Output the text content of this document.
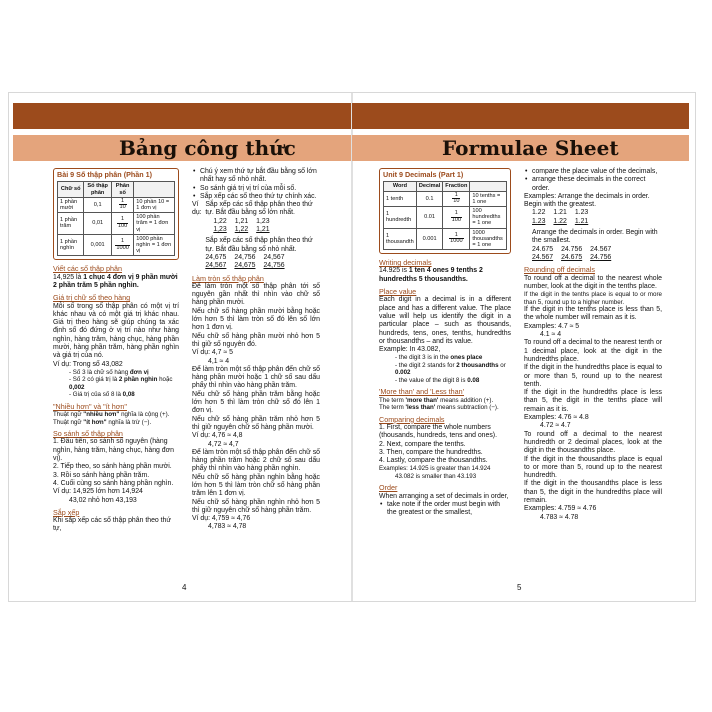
Bảng công thức
Bài 9 Số thập phân (Phần 1)
Chữ số	Số thập phân	Phân số	
1 phần mười	0,1	$\frac{1}{10}$	10 phần 10 = 1 đơn vị
1 phần trăm	0,01	$\frac{1}{100}$	100 phần trăm = 1 đơn vị
1 phần nghìn	0,001	$\frac{1}{1000}$	1000 phần nghìn = 1 đơn vị
Viết các số thập phân

14,925 là 1 chục 4 đơn vị 9 phần mười 2 phần trăm 5 phần nghìn.

Giá trị chữ số theo hàng

Mỗi số trong số thập phân có một vị trí khác nhau và có một giá trị khác nhau. Giá trị theo hàng sẽ giúp chúng ta xác định số đó đứng ở vị trí nào như hàng nghìn, hàng trăm, hàng chục, hàng phần mười, hàng phần trăm, hàng phần nghìn và giá trị của nó.

Ví dụ: Trong số 43,082

- Số 3 là chữ số hàng đơn vị

- Số 2 có giá trị là 2 phần nghìn hoặc 0,002

- Giá trị của số 8 là 0,08

"Nhiều hơn" và "ít hơn"

Thuật ngữ "nhiều hơn" nghĩa là cộng (+).

Thuật ngữ "ít hơn" nghĩa là trừ (−).

So sánh số thập phân

1. Đầu tiên, so sánh số nguyên (hàng nghìn, hàng trăm, hàng chục, hàng đơn vị).

2. Tiếp theo, so sánh hàng phần mười.

3. Rồi so sánh hàng phần trăm.

4. Cuối cùng so sánh hàng phần nghìn.

Ví dụ: 14,925 lớn hơn 14,924

43,02 nhỏ hơn 43,193

Sắp xếp

Khi sắp xếp các số thập phân theo thứ tự,

• Chú ý xem thứ tự bắt đầu bằng số lớn nhất hay số nhỏ nhất.
• So sánh giá trị vị trí của mỗi số.
• Sắp xếp các số theo thứ tự chính xác.
Ví dụ:

Sắp xếp các số thập phân theo thứ tự. Bắt đầu bằng số lớn nhất.

1,22 1,21 1,23
1,23 1,22 1,21

Sắp xếp các số thập phân theo thứ tự. Bắt đầu bằng số nhỏ nhất.

24,675 24,756 24,567
24,567 24,675 24,756
Làm tròn số thập phân

Để làm tròn một số thập phân tới số nguyên gần nhất thì nhìn vào chữ số hàng phần mười.

Nếu chữ số hàng phần mười bằng hoặc lớn hơn 5 thì làm tròn số đó lên số lớn hơn 1 đơn vị.

Nếu chữ số hàng phần mười nhỏ hơn 5 thì giữ số nguyên đó.

Ví dụ: 4,7 ≈ 5

4,1 ≈ 4

Để làm tròn một số thập phân đến chữ số hàng phần mười hoặc 1 chữ số sau dấu phẩy thì nhìn vào hàng phần trăm.

Nếu chữ số hàng phần trăm bằng hoặc lớn hơn 5 thì làm tròn chữ số đó lên 1 đơn vị.

Nếu chữ số hàng phần trăm nhỏ hơn 5 thì giữ nguyên chữ số hàng phần mười.

Ví dụ: 4,76 ≈ 4,8

4,72 ≈ 4,7

Để làm tròn một số thập phân đến chữ số hàng phần trăm hoặc 2 chữ số sau dấu phẩy thì nhìn vào hàng phần nghìn.

Nếu chữ số hàng phần nghìn bằng hoặc lớn hơn 5 thì làm tròn chữ số hàng phần trăm lên 1 đơn vị.

Nếu chữ số hàng phần nghìn nhỏ hơn 5 thì giữ nguyên chữ số hàng phần trăm.

Ví dụ: 4,759 ≈ 4,76

4,783 ≈ 4,78

4
Formulae Sheet
Unit 9 Decimals (Part 1)
Word	Decimal	Fraction	
1 tenth	0.1	$\frac{1}{10}$	10 tenths = 1 one
1 hundredth	0.01	$\frac{1}{100}$	100 hundredths = 1 one
1 thousandth	0.001	$\frac{1}{1000}$	1000 thousandths = 1 one
Writing decimals

14.925 is 1 ten 4 ones 9 tenths 2 hundredths 5 thousandths.

Place value

Each digit in a decimal is in a different place and has a different value. The place value will help us identify the digit in a particular place – such as thousands, hundreds, tens, ones, tenths, hundredths or thousandths – and its value.

Example: In 43.082,

- the digit 3 is in the ones place

- the digit 2 stands for 2 thousandths or 0.002

- the value of the digit 8 is 0.08

'More than' and 'Less than'

The term 'more than' means addition (+).

The term 'less than' means subtraction (−).

Comparing decimals

1. First, compare the whole numbers (thousands, hundreds, tens and ones).

2. Next, compare the tenths.

3. Then, compare the hundredths.

4. Lastly, compare the thousandths.

Examples: 14.925 is greater than 14.924

43.082 is smaller than 43.193

Order

When arranging a set of decimals in order,

• take note if the order must begin with the greatest or the smallest,
• compare the place value of the decimals,
• arrange these decimals in the correct order.

Examples: Arrange the decimals in order. Begin with the greatest.

1.22 1.21 1.23
1.23 1.22 1.21

Arrange the decimals in order. Begin with the smallest.

24.675 24.756 24.567
24.567 24.675 24.756
Rounding off decimals

To round off a decimal to the nearest whole number, look at the digit in the tenths place.

If the digit in the tenths place is equal to or more than 5, round up to a higher number.

If the digit in the tenths place is less than 5, the whole number will remain as it is.

Examples: 4.7 ≈ 5

4.1 ≈ 4

To round off a decimal to the nearest tenth or 1 decimal place, look at the digit in the hundredths place.

If the digit in the hundredths place is equal to or more than 5, round up to the nearest tenth.

If the digit in the hundredths place is less than 5, the digit in the tenths place will remain as it is.

Examples: 4.76 ≈ 4.8

4.72 ≈ 4.7

To round off a decimal to the nearest hundredth or 2 decimal places, look at the digit in the thousandths place.

If the digit in the thousandths place is equal to or more than 5, round up to the nearest hundredth.

If the digit in the thousandths place is less than 5, the digit in the hundredths place will remain.

Examples: 4.759 ≈ 4.76

4.783 ≈ 4.78

5
